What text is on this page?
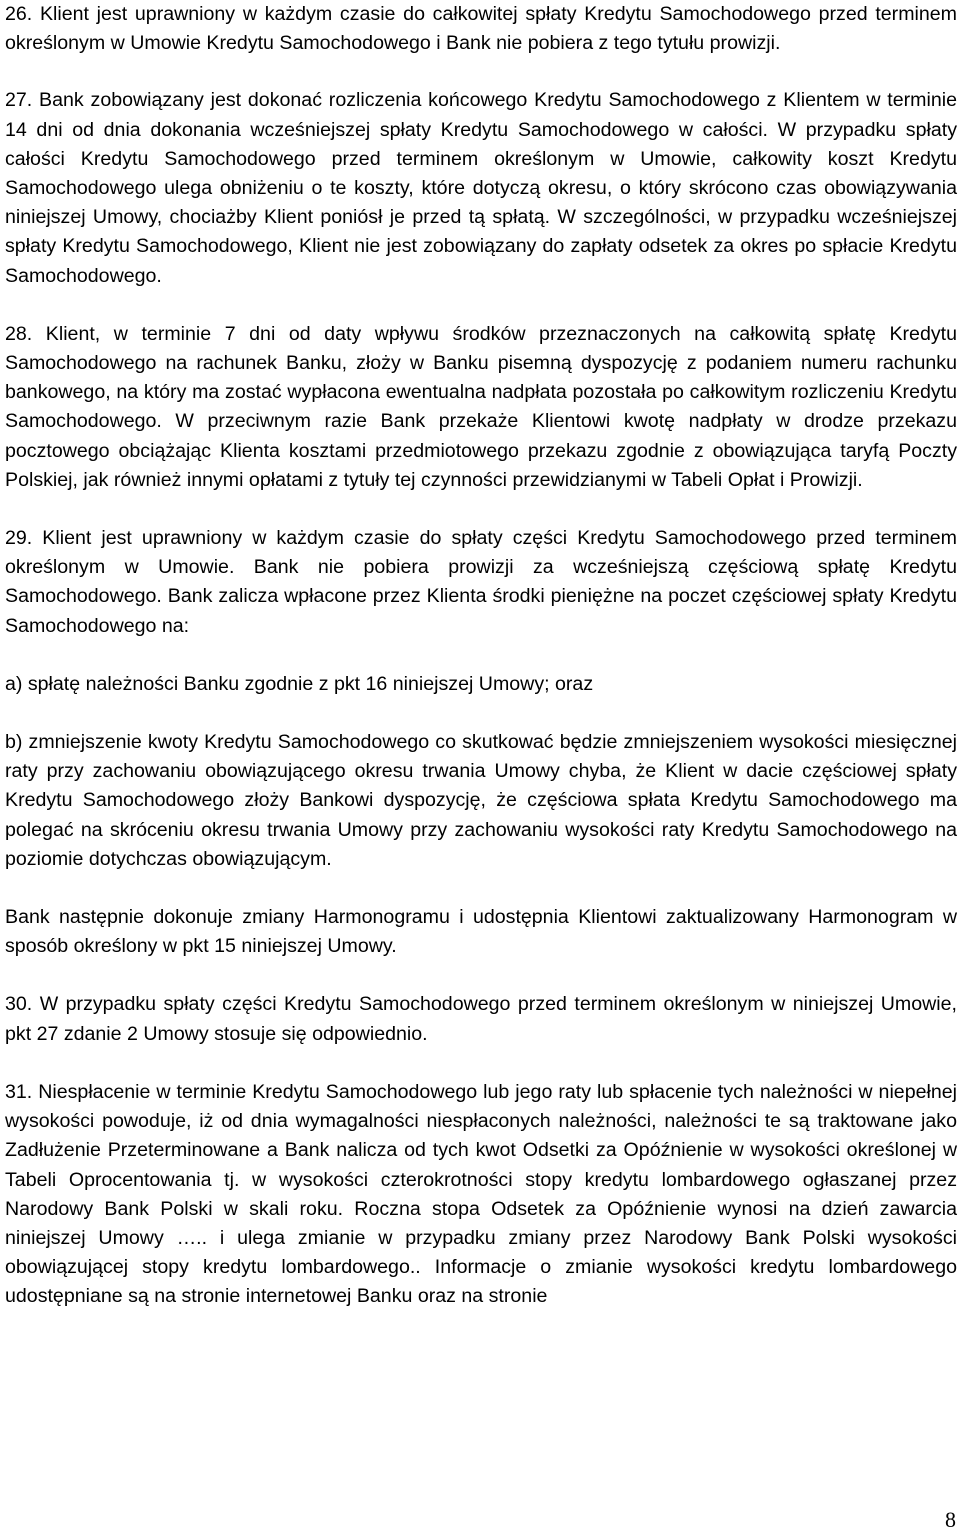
26. Klient jest uprawniony w każdym czasie do całkowitej spłaty Kredytu Samochodowego przed terminem określonym w Umowie Kredytu Samochodowego i Bank nie pobiera z tego tytułu prowizji.

27. Bank zobowiązany jest dokonać rozliczenia końcowego Kredytu Samochodowego z Klientem w terminie 14 dni od dnia dokonania wcześniejszej spłaty Kredytu Samochodowego w całości. W przypadku spłaty całości Kredytu Samochodowego przed terminem określonym w Umowie, całkowity koszt Kredytu Samochodowego ulega obniżeniu o te koszty, które dotyczą okresu, o który skrócono czas obowiązywania niniejszej Umowy, chociażby Klient poniósł je przed tą spłatą. W szczególności, w przypadku wcześniejszej spłaty Kredytu Samochodowego, Klient nie jest zobowiązany do zapłaty odsetek za okres po spłacie Kredytu Samochodowego.

28. Klient, w terminie 7 dni od daty wpływu środków przeznaczonych na całkowitą spłatę Kredytu Samochodowego na rachunek Banku, złoży w Banku pisemną dyspozycję z podaniem numeru rachunku bankowego, na który ma zostać wypłacona ewentualna nadpłata pozostała po całkowitym rozliczeniu Kredytu Samochodowego. W przeciwnym razie Bank przekaże Klientowi kwotę nadpłaty w drodze przekazu pocztowego obciążając Klienta kosztami przedmiotowego przekazu zgodnie z obowiązująca taryfą Poczty Polskiej, jak również innymi opłatami z tytuły tej czynności przewidzianymi w Tabeli Opłat i Prowizji.

29. Klient jest uprawniony w każdym czasie do spłaty części Kredytu Samochodowego przed terminem określonym w Umowie. Bank nie pobiera prowizji za wcześniejszą częściową spłatę Kredytu Samochodowego. Bank zalicza wpłacone przez Klienta środki pieniężne na poczet częściowej spłaty Kredytu Samochodowego na:

a) spłatę należności Banku zgodnie z pkt 16 niniejszej Umowy; oraz

b) zmniejszenie kwoty Kredytu Samochodowego co skutkować będzie zmniejszeniem wysokości miesięcznej raty przy zachowaniu obowiązującego okresu trwania Umowy chyba, że Klient w dacie częściowej spłaty Kredytu Samochodowego złoży Bankowi dyspozycję, że częściowa spłata Kredytu Samochodowego ma polegać na skróceniu okresu trwania Umowy przy zachowaniu wysokości raty Kredytu Samochodowego na poziomie dotychczas obowiązującym.

Bank następnie dokonuje zmiany Harmonogramu i udostępnia Klientowi zaktualizowany Harmonogram w sposób określony w pkt 15 niniejszej Umowy.

30. W przypadku spłaty części Kredytu Samochodowego przed terminem określonym w niniejszej Umowie, pkt 27 zdanie 2 Umowy stosuje się odpowiednio.

31. Niespłacenie w terminie Kredytu Samochodowego lub jego raty lub spłacenie tych należności w niepełnej wysokości powoduje, iż od dnia wymagalności niespłaconych należności, należności te są traktowane jako Zadłużenie Przeterminowane a Bank nalicza od tych kwot Odsetki za Opóźnienie w wysokości określonej w Tabeli Oprocentowania tj. w wysokości czterokrotności stopy kredytu lombardowego ogłaszanej przez Narodowy Bank Polski w skali roku. Roczna stopa Odsetek za Opóźnienie wynosi na dzień zawarcia niniejszej Umowy ….. i ulega zmianie w przypadku zmiany przez Narodowy Bank Polski wysokości obowiązującej stopy kredytu lombardowego.. Informacje o zmianie wysokości kredytu lombardowego udostępniane są na stronie internetowej Banku oraz na stronie

8
